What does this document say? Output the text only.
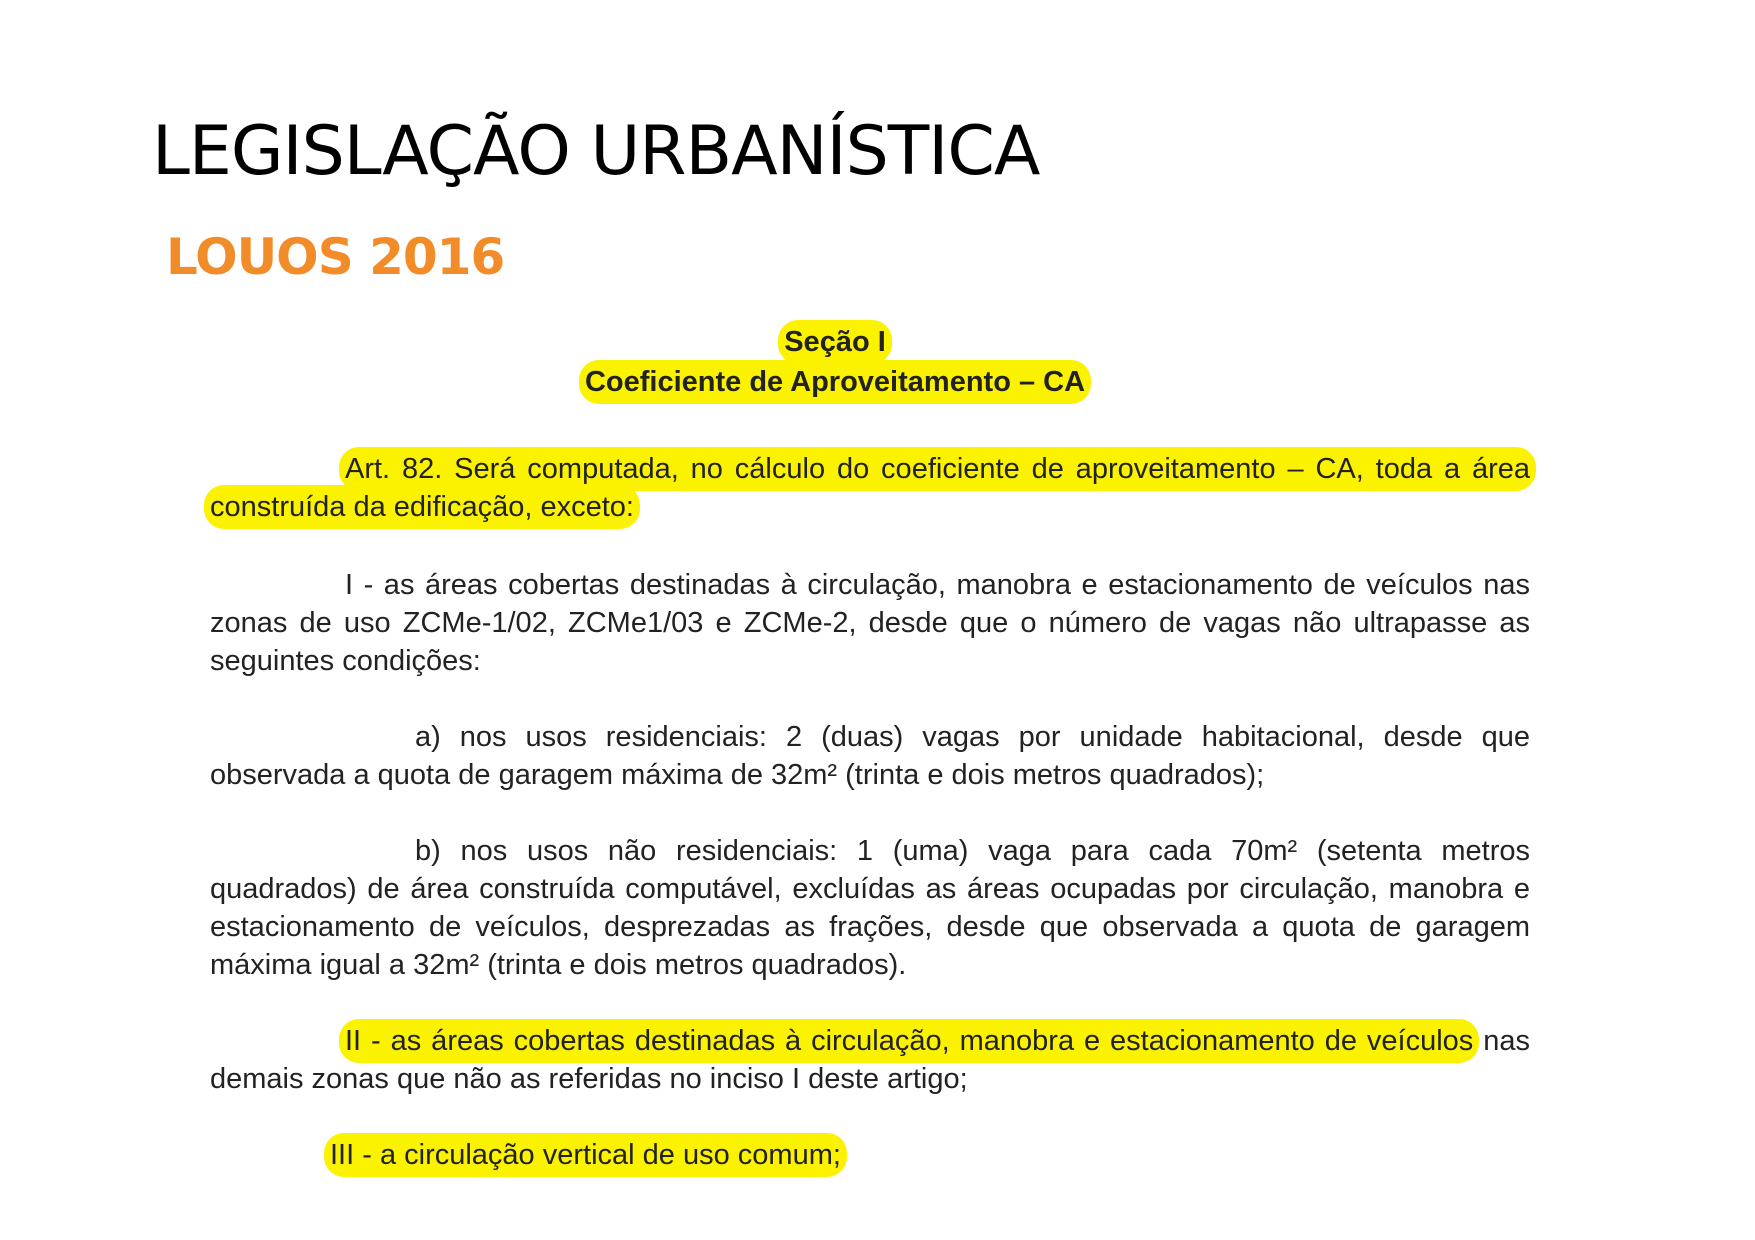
LEGISLAÇÃO URBANÍSTICA
LOUOS 2016
Seção I
Coeficiente de Aproveitamento – CA

Art. 82. Será computada, no cálculo do coeficiente de aproveitamento – CA, toda a área construída da edificação, exceto:

I - as áreas cobertas destinadas à circulação, manobra e estacionamento de veículos nas zonas de uso ZCMe-1/02, ZCMe1/03 e ZCMe-2, desde que o número de vagas não ultrapasse as seguintes condições:

a) nos usos residenciais: 2 (duas) vagas por unidade habitacional, desde que observada a quota de garagem máxima de 32m² (trinta e dois metros quadrados);

b) nos usos não residenciais: 1 (uma) vaga para cada 70m² (setenta metros quadrados) de área construída computável, excluídas as áreas ocupadas por circulação, manobra e estacionamento de veículos, desprezadas as frações, desde que observada a quota de garagem máxima igual a 32m² (trinta e dois metros quadrados).

II - as áreas cobertas destinadas à circulação, manobra e estacionamento de veículos nas demais zonas que não as referidas no inciso I deste artigo;

III - a circulação vertical de uso comum;
